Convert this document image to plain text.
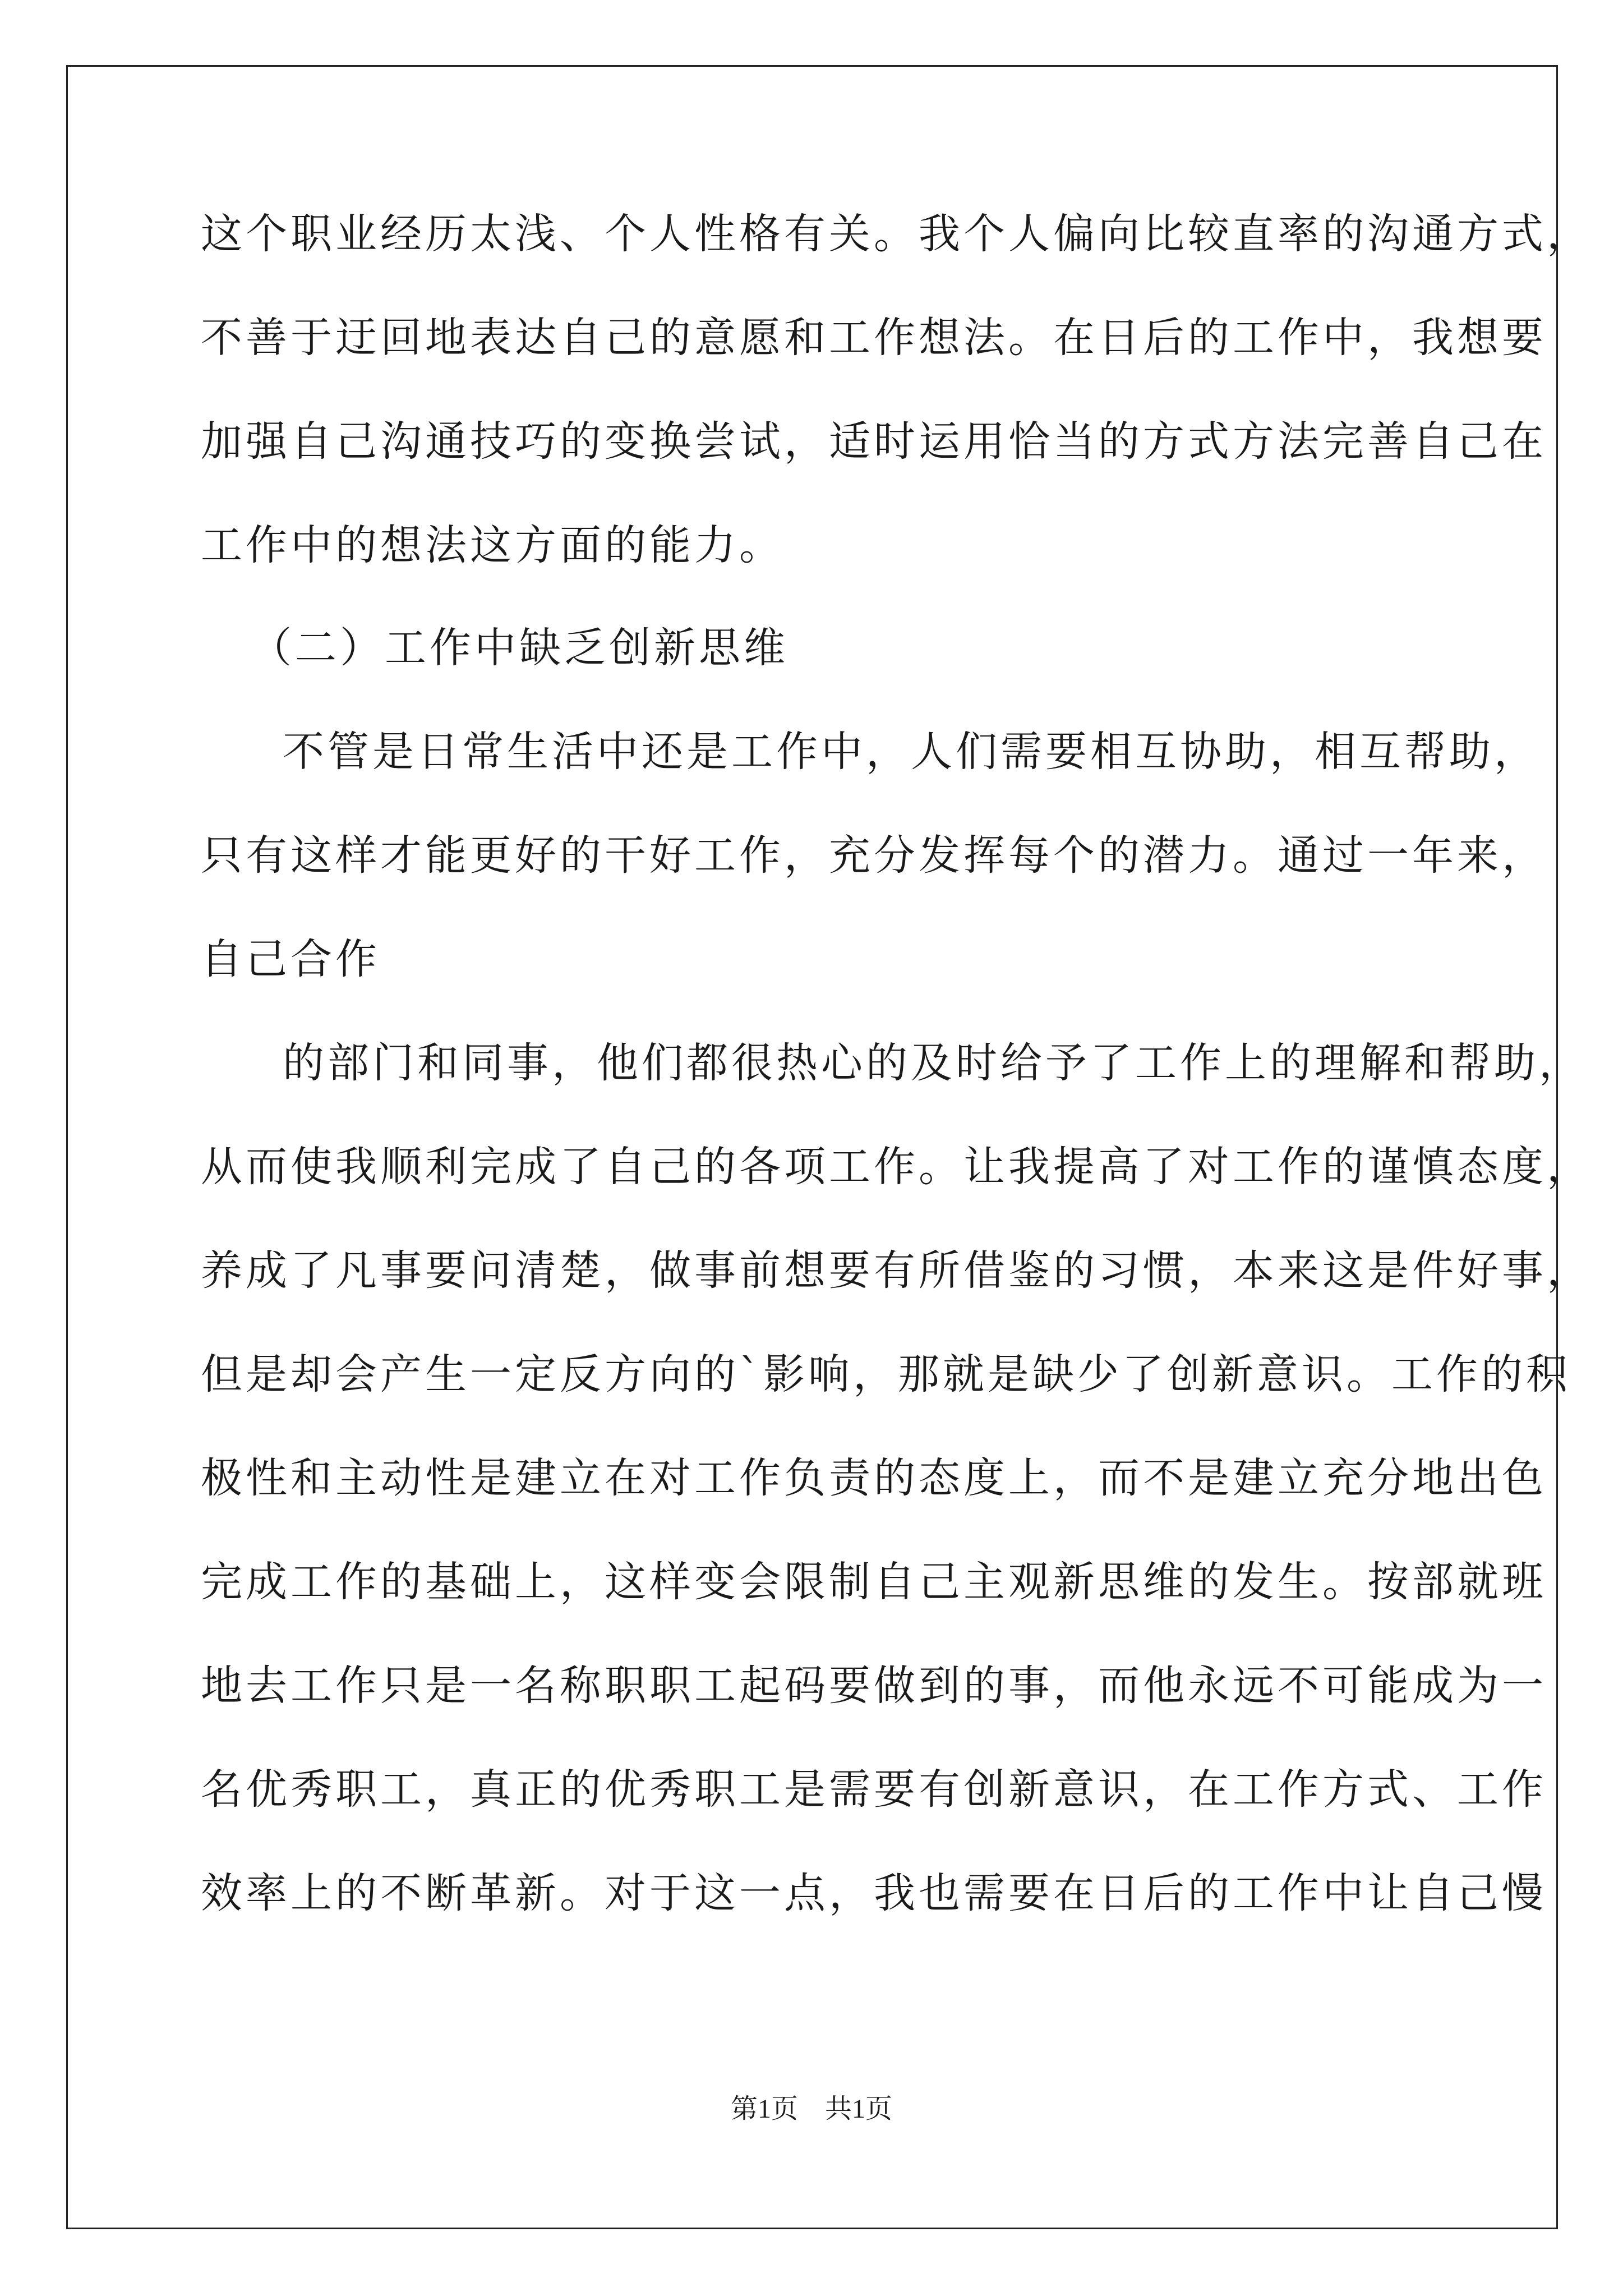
这个职业经历太浅、个人性格有关。我个人偏向比较直率的沟通方式，
不善于迂回地表达自己的意愿和工作想法。在日后的工作中，我想要
加强自己沟通技巧的变换尝试，适时运用恰当的方式方法完善自己在
工作中的想法这方面的能力。
（二）工作中缺乏创新思维
不管是日常生活中还是工作中，人们需要相互协助，相互帮助，
只有这样才能更好的干好工作，充分发挥每个的潜力。通过一年来，
自己合作
的部门和同事，他们都很热心的及时给予了工作上的理解和帮助，
从而使我顺利完成了自己的各项工作。让我提高了对工作的谨慎态度，
养成了凡事要问清楚，做事前想要有所借鉴的习惯，本来这是件好事，
但是却会产生一定反方向的`影响，那就是缺少了创新意识。工作的积
极性和主动性是建立在对工作负责的态度上，而不是建立充分地出色
完成工作的基础上，这样变会限制自己主观新思维的发生。按部就班
地去工作只是一名称职职工起码要做到的事，而他永远不可能成为一
名优秀职工，真正的优秀职工是需要有创新意识，在工作方式、工作
效率上的不断革新。对于这一点，我也需要在日后的工作中让自己慢
第1页 共1页
